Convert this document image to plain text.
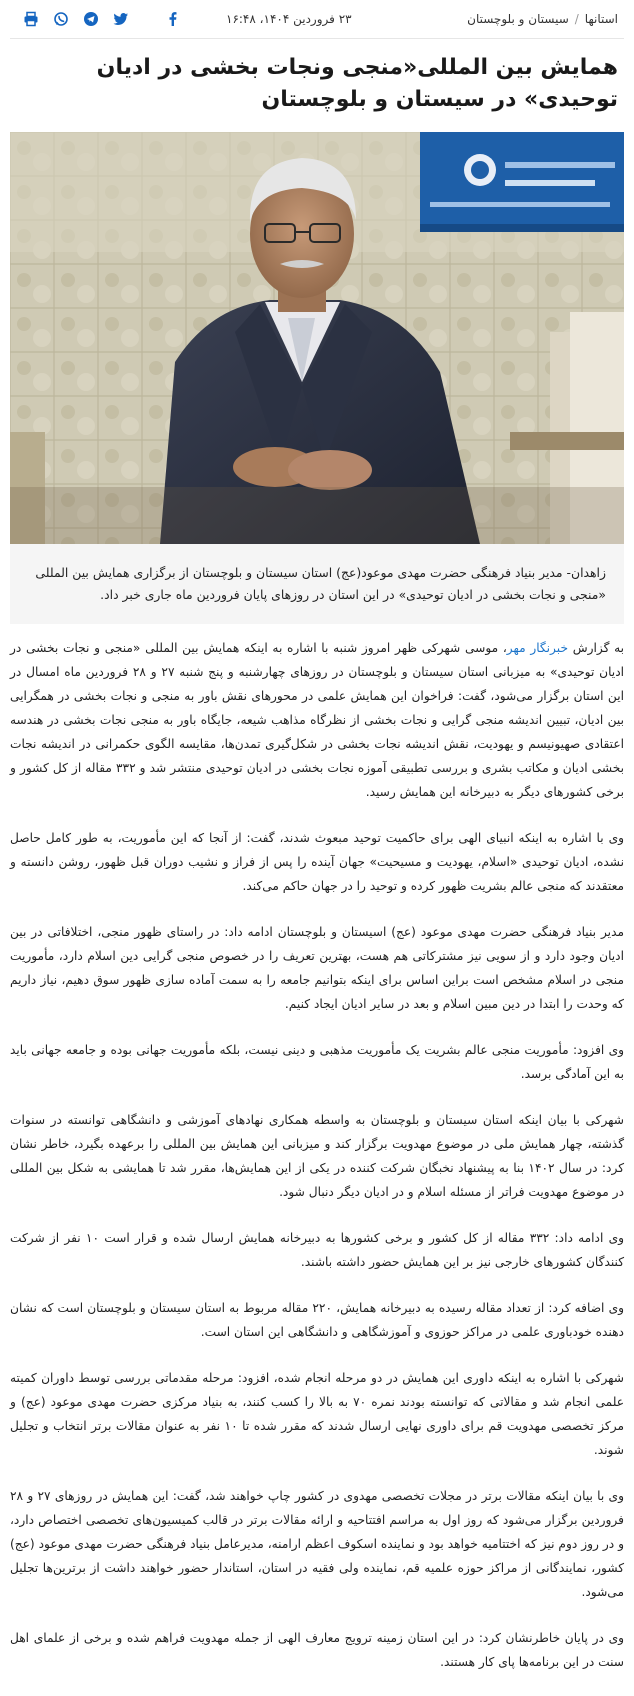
استانها
/
سیستان و بلوچستان
۲۳ فروردین ۱۴۰۴، ۱۶:۴۸
همایش بین المللی«منجی ونجات بخشی در ادیان توحیدی» در سیستان و بلوچستان
زاهدان- مدیر بنیاد فرهنگی حضرت مهدی موعود(عج) استان سیستان و بلوچستان از برگزاری همایش بین المللی «منجی و نجات بخشی در ادیان توحیدی» در این استان در روزهای پایان فروردین ماه جاری خبر داد.

به گزارش خبرنگار مهر، موسی شهرکی ظهر امروز شنبه با اشاره به اینکه همایش بین المللی «منجی و نجات بخشی در ادیان توحیدی» به میزبانی استان سیستان و بلوچستان در روزهای چهارشنبه و پنج شنبه ۲۷ و ۲۸ فروردین ماه امسال در این استان برگزار می‌شود، گفت: فراخوان این همایش علمی در محورهای نقش باور به منجی و نجات بخشی در همگرایی بین ادیان، تبیین اندیشه منجی گرایی و نجات بخشی از نظرگاه مذاهب شیعه، جایگاه باور به منجی نجات بخشی در هندسه اعتقادی صهیونیسم و یهودیت، نقش اندیشه نجات بخشی در شکل‌گیری تمدن‌ها، مقایسه الگوی حکمرانی در اندیشه نجات بخشی ادیان و مکاتب بشری و بررسی تطبیقی آموزه نجات بخشی در ادیان توحیدی منتشر شد و ۳۳۲ مقاله از کل کشور و برخی کشورهای دیگر به دبیرخانه این همایش رسید.

وی با اشاره به اینکه انبیای الهی برای حاکمیت توحید مبعوث شدند، گفت: از آنجا که این مأموریت، به طور کامل حاصل نشده، ادیان توحیدی «اسلام، یهودیت و مسیحیت» جهان آینده را پس از فراز و نشیب دوران قبل ظهور، روشن دانسته و معتقدند که منجی عالم بشریت ظهور کرده و توحید را در جهان حاکم می‌کند.

مدیر بنیاد فرهنگی حضرت مهدی موعود (عج) اسیستان و بلوچستان ادامه داد: در راستای ظهور منجی، اختلافاتی در بین ادیان وجود دارد و از سویی نیز مشترکاتی هم هست، بهترین تعریف را در خصوص منجی گرایی دین اسلام دارد، مأموریت منجی در اسلام مشخص است براین اساس برای اینکه بتوانیم جامعه را به سمت آماده سازی ظهور سوق دهیم، نیاز داریم که وحدت را ابتدا در دین مبین اسلام و بعد در سایر ادیان ایجاد کنیم.

وی افزود: مأموریت منجی عالم بشریت یک مأموریت مذهبی و دینی نیست، بلکه مأموریت جهانی بوده و جامعه جهانی باید به این آمادگی برسد.

شهرکی با بیان اینکه استان سیستان و بلوچستان به واسطه همکاری نهادهای آموزشی و دانشگاهی توانسته در سنوات گذشته، چهار همایش ملی در موضوع مهدویت برگزار کند و میزبانی این همایش بین المللی را برعهده بگیرد، خاطر نشان کرد: در سال ۱۴۰۲ بنا به پیشنهاد نخبگان شرکت کننده در یکی از این همایش‌ها، مقرر شد تا همایشی به شکل بین المللی در موضوع مهدویت فراتر از مسئله اسلام و در ادیان دیگر دنبال شود.

وی ادامه داد: ۳۳۲ مقاله از کل کشور و برخی کشورها به دبیرخانه همایش ارسال شده و قرار است ۱۰ نفر از شرکت کنندگان کشورهای خارجی نیز بر این همایش حضور داشته باشند.

وی اضافه کرد: از تعداد مقاله رسیده به دبیرخانه همایش، ۲۲۰ مقاله مربوط به استان سیستان و بلوچستان است که نشان دهنده خودباوری علمی در مراکز حوزوی و آموزشگاهی و دانشگاهی این استان است.

شهرکی با اشاره به اینکه داوری این همایش در دو مرحله انجام شده، افزود: مرحله مقدماتی بررسی توسط داوران کمیته علمی انجام شد و مقالاتی که توانسته بودند نمره ۷۰ به بالا را کسب کنند، به بنیاد مرکزی حضرت مهدی موعود (عج) و مرکز تخصصی مهدویت قم برای داوری نهایی ارسال شدند که مقرر شده تا ۱۰ نفر به عنوان مقالات برتر انتخاب و تجلیل شوند.

وی با بیان اینکه مقالات برتر در مجلات تخصصی مهدوی در کشور چاپ خواهند شد، گفت: این همایش در روزهای ۲۷ و ۲۸ فروردین برگزار می‌شود که روز اول به مراسم افتتاحیه و ارائه مقالات برتر در قالب کمیسیون‌های تخصصی اختصاص دارد، و در روز دوم نیز که اختتامیه خواهد بود و نماینده اسکوف اعظم ارامنه، مدیرعامل بنیاد فرهنگی حضرت مهدی موعود (عج) کشور، نمایندگانی از مراکز حوزه علمیه قم، نماینده ولی فقیه در استان، استاندار حضور خواهند داشت از برترین‌ها تجلیل می‌شود.

وی در پایان خاطرنشان کرد: در این استان زمینه ترویج معارف الهی از جمله مهدویت فراهم شده و برخی از علمای اهل سنت در این برنامه‌ها پای کار هستند.
